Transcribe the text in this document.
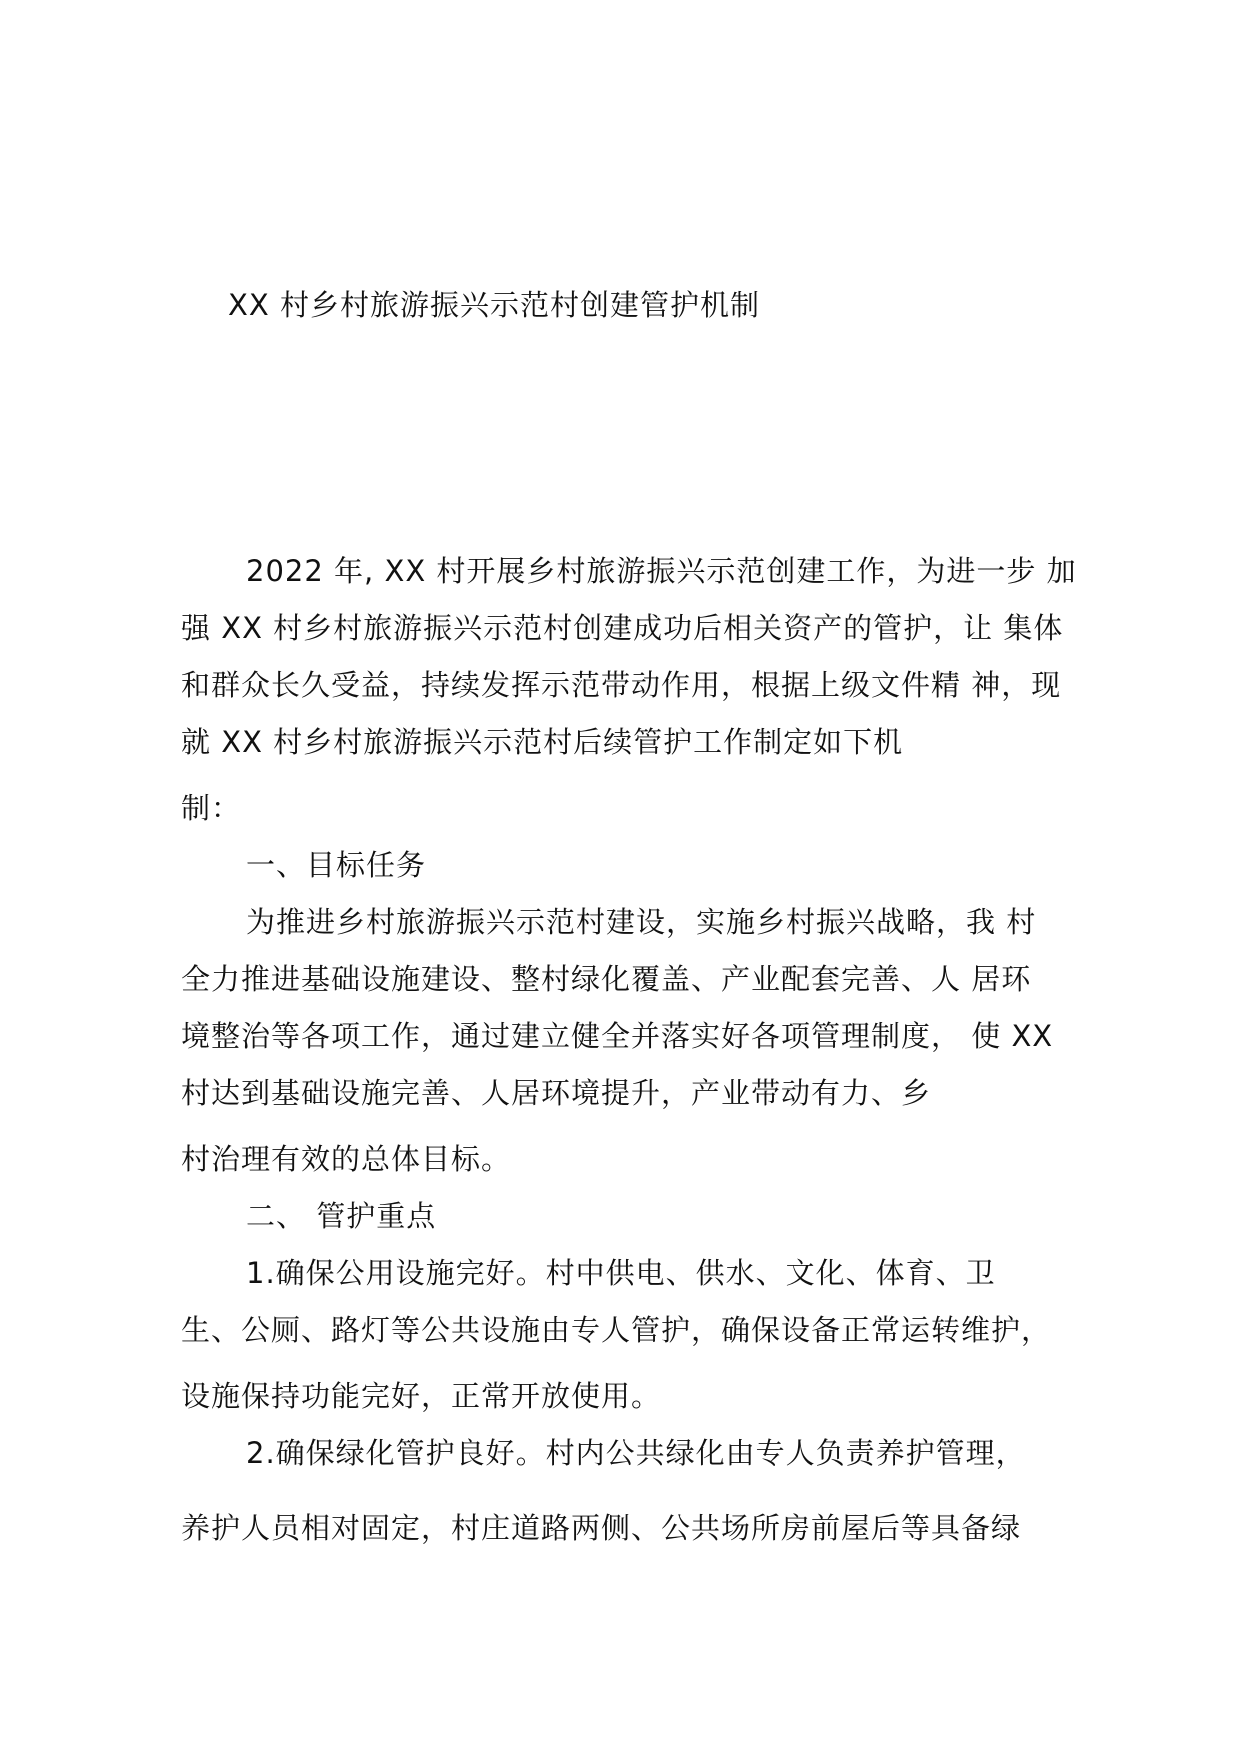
XX 村乡村旅游振兴示范村创建管护机制
2022 年, XX 村开展乡村旅游振兴示范创建工作，为进一步 加
强 XX 村乡村旅游振兴示范村创建成功后相关资产的管护，让 集体
和群众长久受益，持续发挥示范带动作用，根据上级文件精 神，现
就 XX 村乡村旅游振兴示范村后续管护工作制定如下机
制：
一、目标任务
为推进乡村旅游振兴示范村建设，实施乡村振兴战略，我 村
全力推进基础设施建设、整村绿化覆盖、产业配套完善、人 居环
境整治等各项工作，通过建立健全并落实好各项管理制度， 使 XX
村达到基础设施完善、人居环境提升，产业带动有力、乡
村治理有效的总体目标。
二、 管护重点
1.确保公用设施完好。村中供电、供水、文化、体育、卫
生、公厕、路灯等公共设施由专人管护，确保设备正常运转维护，
设施保持功能完好，正常开放使用。
2.确保绿化管护良好。村内公共绿化由专人负责养护管理，
养护人员相对固定，村庄道路两侧、公共场所房前屋后等具备绿
